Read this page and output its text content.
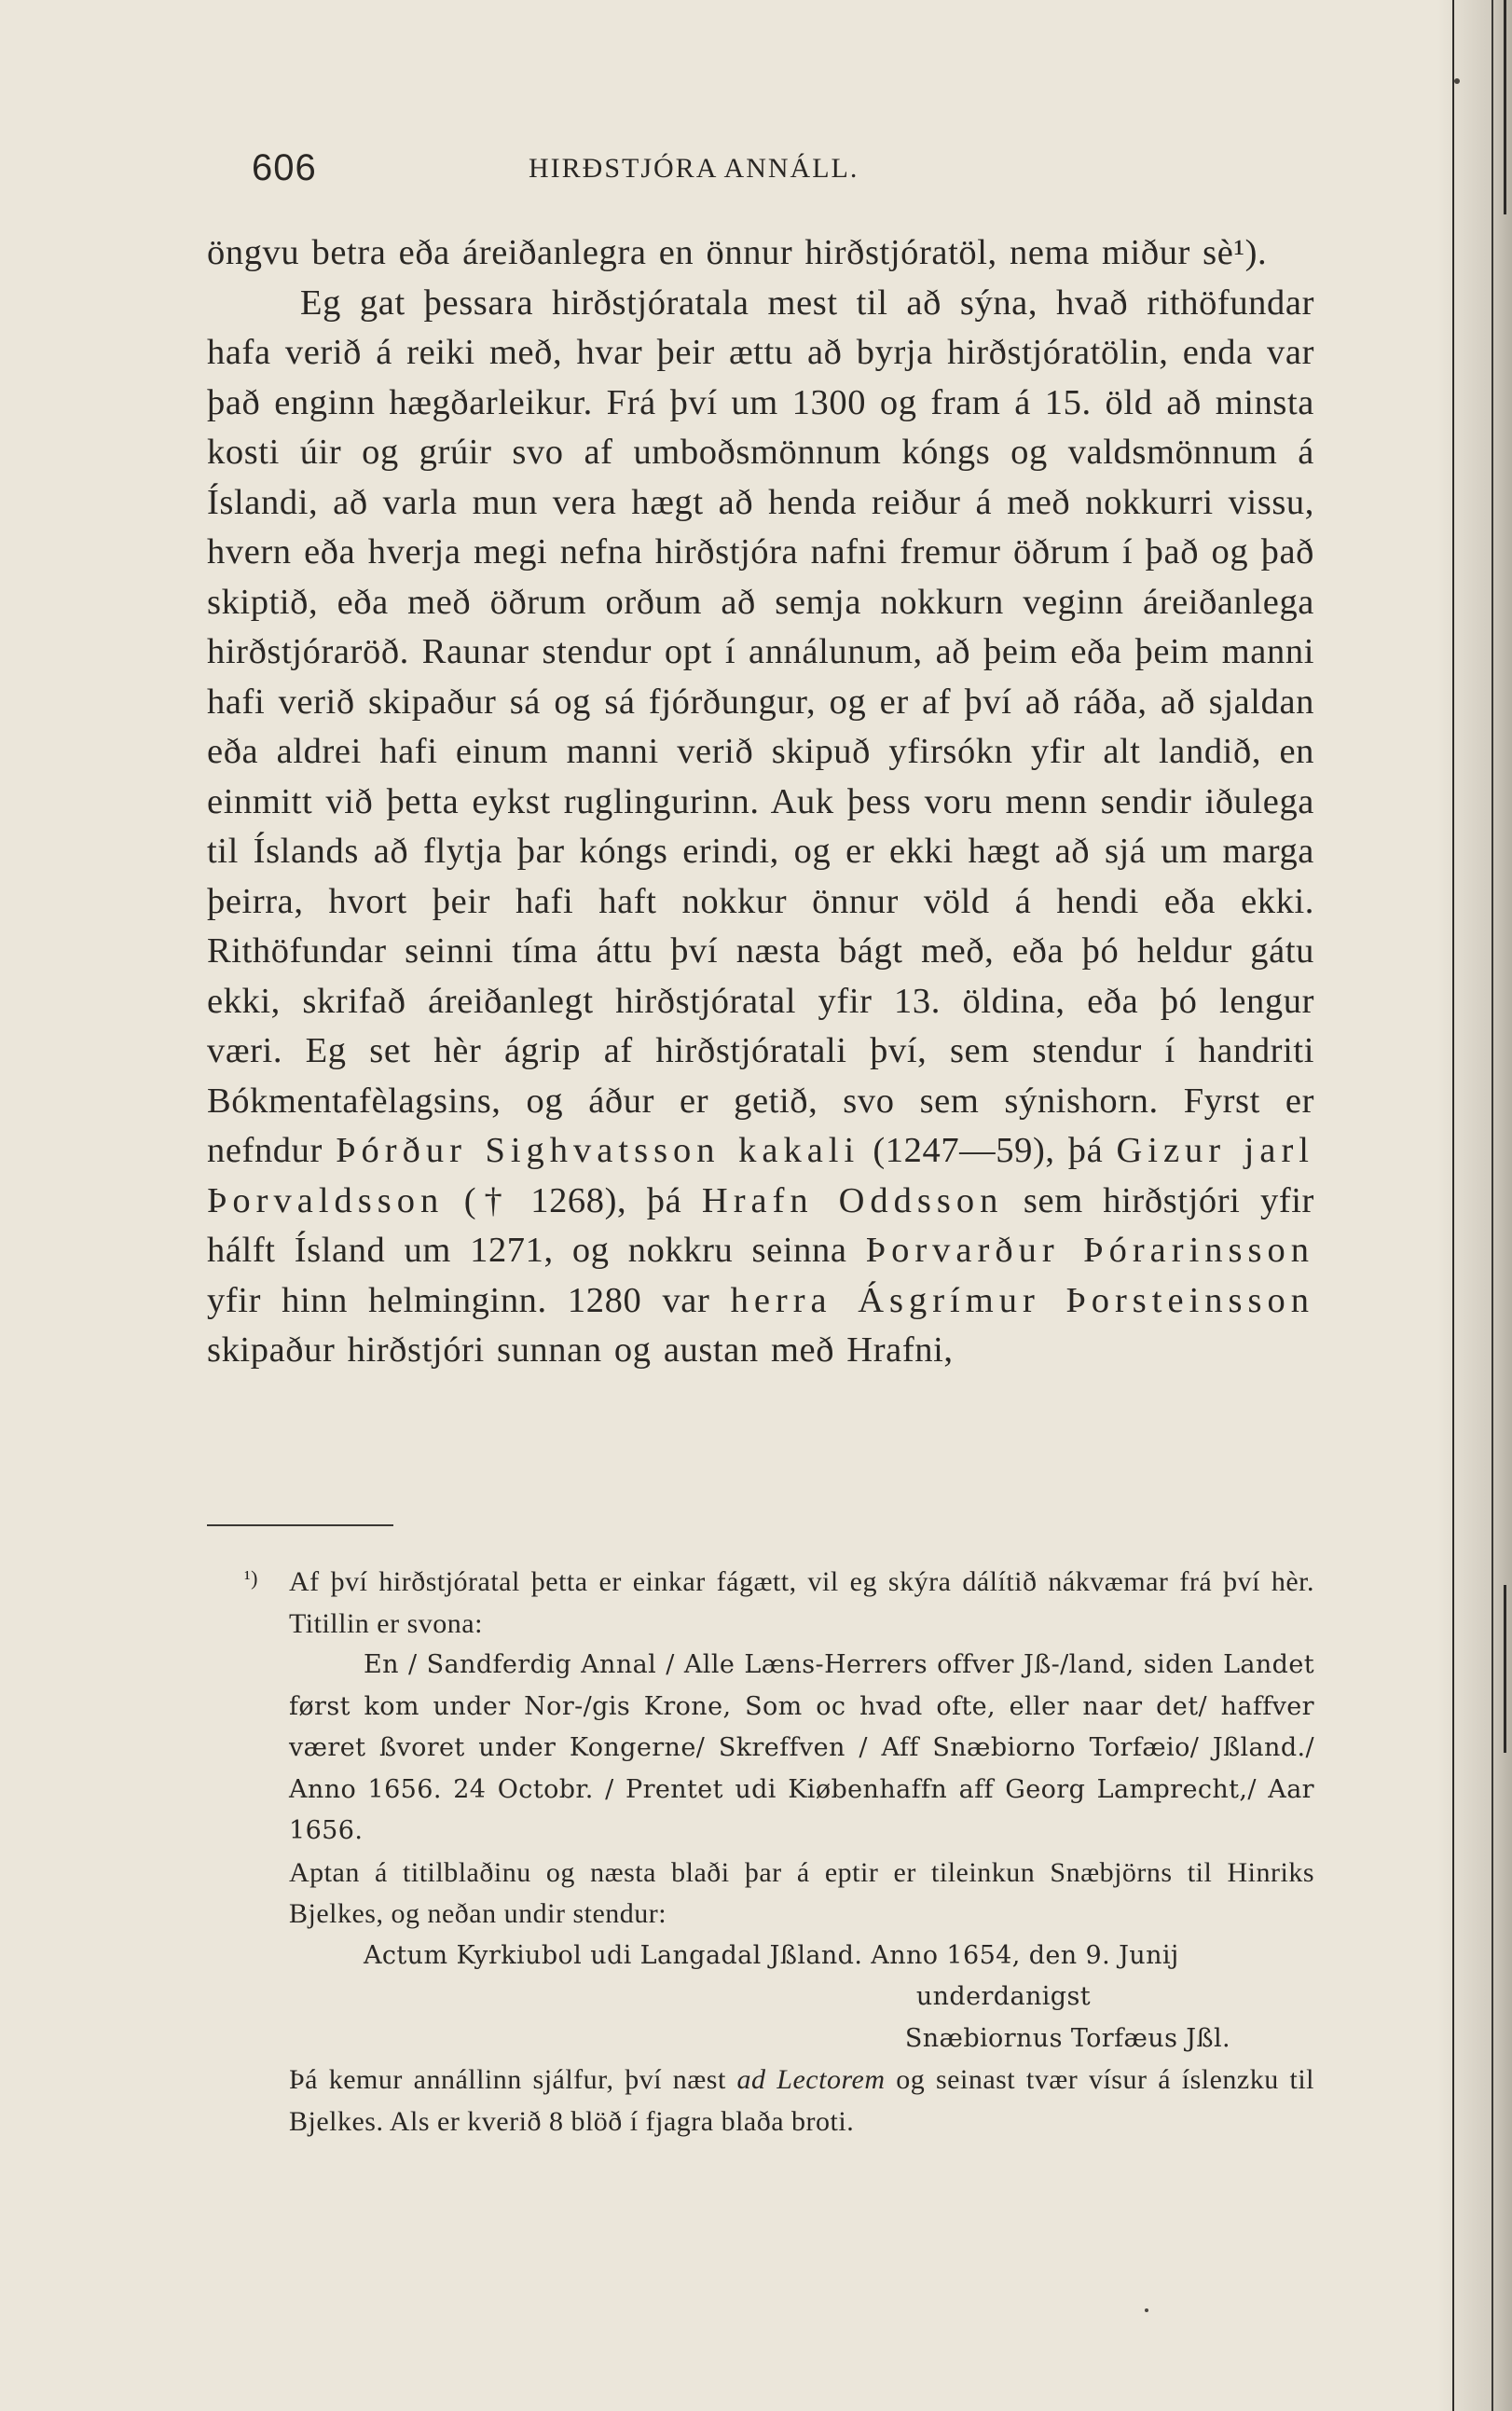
606	HIRÐSTJÓRA ANNÁLL.

öngvu betra eða áreiðanlegra en önnur hirðstjóratöl, nema miður sè¹).

Eg gat þessara hirðstjóratala mest til að sýna, hvað rithöfundar hafa verið á reiki með, hvar þeir ættu að byrja hirðstjóratölin, enda var það enginn hægðarleikur. Frá því um 1300 og fram á 15. öld að minsta kosti úir og grúir svo af umboðsmönnum kóngs og valdsmönnum á Íslandi, að varla mun vera hægt að henda reiður á með nokkurri vissu, hvern eða hverja megi nefna hirðstjóra nafni fremur öðrum í það og það skiptið, eða með öðrum orðum að semja nokkurn veginn áreiðanlega hirðstjóraröð. Raunar stendur opt í annálunum, að þeim eða þeim manni hafi verið skipaður sá og sá fjórðungur, og er af því að ráða, að sjaldan eða aldrei hafi einum manni verið skipuð yfirsókn yfir alt landið, en einmitt við þetta eykst ruglingurinn. Auk þess voru menn sendir iðulega til Íslands að flytja þar kóngs erindi, og er ekki hægt að sjá um marga þeirra, hvort þeir hafi haft nokkur önnur völd á hendi eða ekki. Rithöfundar seinni tíma áttu því næsta bágt með, eða þó heldur gátu ekki, skrifað áreiðanlegt hirðstjóratal yfir 13. öldina, eða þó lengur væri. Eg set hèr ágrip af hirðstjóratali því, sem stendur í handriti Bókmentafèlagsins, og áður er getið, svo sem sýnishorn. Fyrst er nefndur Þórður Sighvatsson kakali (1247—59), þá Gizur jarl Þorvaldsson († 1268), þá Hrafn Oddsson sem hirðstjóri yfir hálft Ísland um 1271, og nokkru seinna Þorvarður Þórarinsson yfir hinn helminginn. 1280 var herra Ásgrímur Þorsteinsson skipaður hirðstjóri sunnan og austan með Hrafni,

¹) Af því hirðstjóratal þetta er einkar fágætt, vil eg skýra dálítið nákvæmar frá því hèr. Titillin er svona:

En / Sandferdig Annal / Alle Læns-Herrers offver Jß-/land, siden Landet først kom under Nor-/gis Krone, Som oc hvad ofte, eller naar det/ haffver været ßvoret under Kongerne/ Skreffven / Aff Snæbiorno Torfæio/ Jßland./ Anno 1656. 24 Octobr. / Prentet udi Kiøbenhaffn aff Georg Lamprecht,/ Aar 1656.

Aptan á titilblaðinu og næsta blaði þar á eptir er tileinkun Snæbjörns til Hinriks Bjelkes, og neðan undir stendur:

Actum Kyrkiubol udi Langadal Jßland. Anno 1654, den 9. Junij

underdanigst

Snæbiornus Torfæus Jßl.

Þá kemur annállinn sjálfur, því næst ad Lectorem og seinast tvær vísur á íslenzku til Bjelkes. Als er kverið 8 blöð í fjagra blaða broti.
